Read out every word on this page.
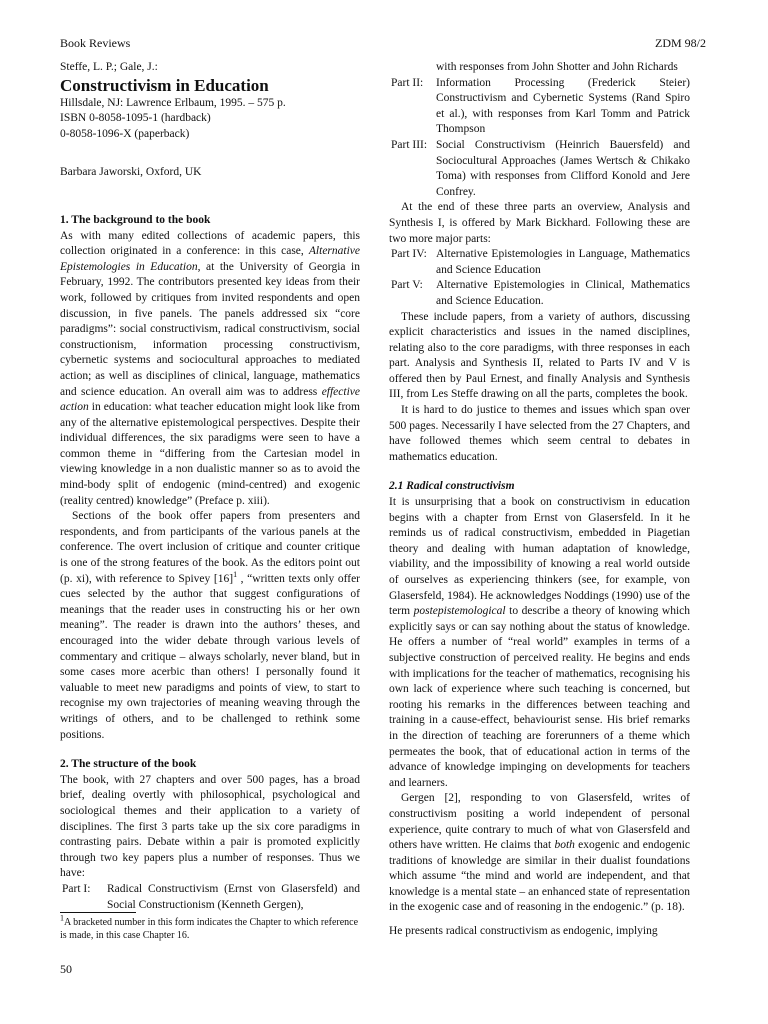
Book Reviews	ZDM 98/2
Steffe, L. P.; Gale, J.:
Constructivism in Education
Hillsdale, NJ: Lawrence Erlbaum, 1995. – 575 p.
ISBN 0-8058-1095-1 (hardback)
0-8058-1096-X (paperback)
Barbara Jaworski, Oxford, UK
1. The background to the book

As with many edited collections of academic papers, this collection originated in a conference: in this case, Alternative Epistemologies in Education, at the University of Georgia in February, 1992. The contributors presented key ideas from their work, followed by critiques from invited respondents and open discussion, in five panels. The panels addressed six “core paradigms”: social constructivism, radical constructivism, social constructionism, information processing constructivism, cybernetic systems and sociocultural approaches to mediated action; as well as disciplines of clinical, language, mathematics and science education. An overall aim was to address effective action in education: what teacher education might look like from any of the alternative epistemological perspectives. Despite their individual differences, the six paradigms were seen to have a common theme in “differing from the Cartesian model in viewing knowledge in a non dualistic manner so as to avoid the mind-body split of endogenic (mind-centred) and exogenic (reality centred) knowledge” (Preface p. xiii).

Sections of the book offer papers from presenters and respondents, and from participants of the various panels at the conference. The overt inclusion of critique and counter critique is one of the strong features of the book. As the editors point out (p. xi), with reference to Spivey $[16]^1$ , “written texts only offer cues selected by the author that suggest configurations of meanings that the reader uses in constructing his or her own meaning”. The reader is drawn into the authors’ theses, and encouraged into the wider debate through various levels of commentary and critique – always scholarly, never bland, but in some cases more acerbic than others! I personally found it valuable to meet new paradigms and points of view, to start to recognise my own trajectories of meaning weaving through the writings of others, and to be challenged to rethink some positions.

2. The structure of the book

The book, with 27 chapters and over 500 pages, has a broad brief, dealing overtly with philosophical, psychological and sociological themes and their application to a variety of disciplines. The first 3 parts take up the six core paradigms in contrasting pairs. Debate within a pair is promoted explicitly through two key papers plus a number of responses. Thus we have:

Part I:	Radical Constructivism (Ernst von Glasersfeld) and Social Constructionism (Kenneth Gergen),
$^1$A bracketed number in this form indicates the Chapter to which reference is made, in this case Chapter 16.
with responses from John Shotter and John Richards
Part II:	Information Processing (Frederick Steier) Constructivism and Cybernetic Systems (Rand Spiro et al.), with responses from Karl Tomm and Patrick Thompson
Part III: Social Constructivism (Heinrich Bauersfeld) and Sociocultural Approaches (James Wertsch & Chikako Toma) with responses from Clifford Konold and Jere Confrey.

At the end of these three parts an overview, Analysis and Synthesis I, is offered by Mark Bickhard. Following these are two more major parts:

Part IV: Alternative Epistemologies in Language, Mathematics and Science Education
Part V:	Alternative Epistemologies in Clinical, Mathematics and Science Education.

These include papers, from a variety of authors, discussing explicit characteristics and issues in the named disciplines, relating also to the core paradigms, with three responses in each part. Analysis and Synthesis II, related to Parts IV and V is offered then by Paul Ernest, and finally Analysis and Synthesis III, from Les Steffe drawing on all the parts, completes the book.

It is hard to do justice to themes and issues which span over 500 pages. Necessarily I have selected from the 27 Chapters, and have followed themes which seem central to debates in mathematics education.

2.1 Radical constructivism

It is unsurprising that a book on constructivism in education begins with a chapter from Ernst von Glasersfeld. In it he reminds us of radical constructivism, embedded in Piagetian theory and dealing with human adaptation of knowledge, viability, and the impossibility of knowing a real world outside of ourselves as experiencing thinkers (see, for example, von Glasersfeld, 1984). He acknowledges Noddings (1990) use of the term postepistemological to describe a theory of knowing which explicitly says or can say nothing about the status of knowledge. He offers a number of “real world” examples in terms of a subjective construction of perceived reality. He begins and ends with implications for the teacher of mathematics, recognising his own lack of experience where such teaching is concerned, but rooting his remarks in the differences between teaching and training in a cause-effect, behaviourist sense. His brief remarks in the direction of teaching are forerunners of a theme which permeates the book, that of educational action in terms of the advance of knowledge impinging on developments for teachers and learners.

Gergen [2], responding to von Glasersfeld, writes of constructivism positing a world independent of personal experience, quite contrary to much of what von Glasersfeld and others have written. He claims that both exogenic and endogenic traditions of knowledge are similar in their dualist foundations which assume “the mind and world are independent, and that knowledge is a mental state – an enhanced state of representation in the exogenic case and of reasoning in the endogenic.” (p. 18).

He presents radical constructivism as endogenic, implying

50
